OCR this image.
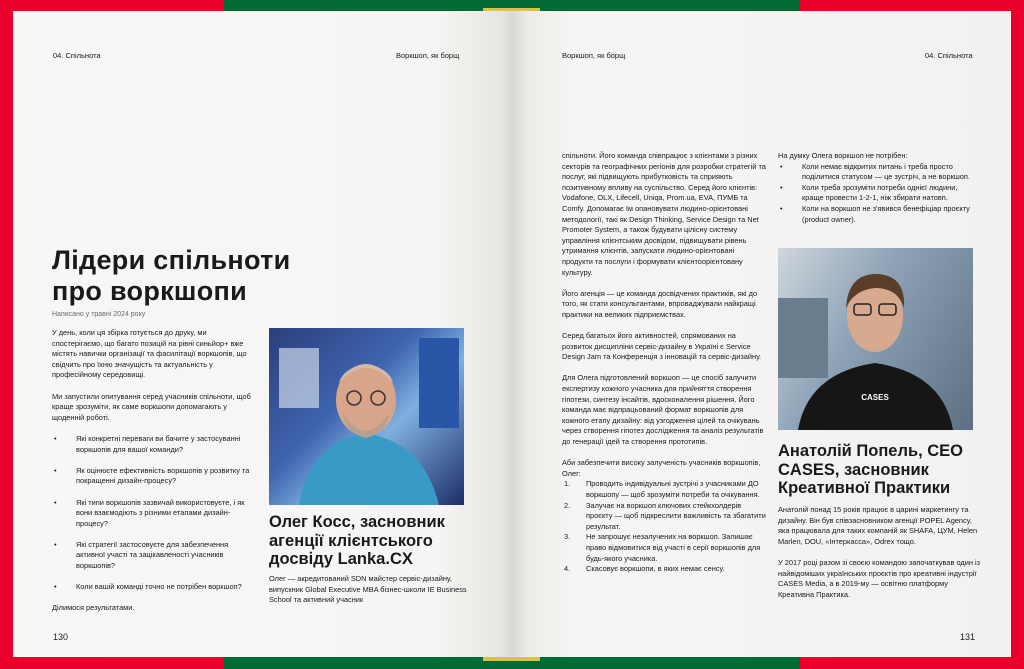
04. Спільнота	Воркшоп, як борщ
Лідери спільноти
про воркшопи
Написано у травні 2024 року

У день, коли ця збірка готується до друку, ми спостерігаємо, що багато позицій на рівні синьйор+ вже містять навички організації та фасилітації воркшопів, що свідчить про їхню значущість та актуальність у професійному середовищі.

Ми запустили опитування серед учасників спільноти, щоб краще зрозуміти, як саме воркшопи допомагають у щоденній роботі.

•	Які конкретні переваги ви бачите у застосуванні воркшопів для вашої команди?
•	Як оцінюєте ефективність воркшопів у розвитку та покращенні дизайн-процесу?
•	Які типи воркшопів зазвичай використовуєте, і як вони взаємодіють з різними етапами дизайн-процесу?
•	Які стратегії застосовуєте для забезпечення активної участі та зацікавленості учасників воркшопів?
•	Коли вашій команді точно не потрібен воркшоп?

Ділимося результатами.

Олег Косс, засновник агенції клієнтського досвіду Lanka.CX
Олег — акредитований SDN майстер сервіс-дизайну, випускник Global Executive MBA бізнес-школи IE Business School та активний учасник
130
Воркшоп, як борщ	04. Спільнота

спільноти. Його команда співпрацює з клієнтами з різних секторів та географічних регіонів для розробки стратегій та послуг, які підвищують прибутковість та сприяють позитивному впливу на суспільство. Серед його клієнтів: Vodafone, OLX, Lifecell, Uniqa, Prom.ua, EVA, ПУМБ та Comfy. Допомагає їм опановувати людино-орієнтовані методології, такі як Design Thinking, Service Design та Net Promoter System, а також будувати цілісну систему управління клієнтським досвідом, підвищувати рівень утримання клієнтів, запускати людино-орієнтовані продукти та послуги і формувати клієнтоорієнтовану культуру.

Його агенція — це команда досвідчених практиків, які до того, як стати консультантами, впроваджували найкращі практики на великих підприємствах.

Серед багатьох його активностей, спрямованих на розвиток дисципліни сервіс-дизайну в Україні є Service Design Jam та Конференція з інновацій та сервіс-дизайну.

Для Олега підготовлений воркшоп — це спосіб залучити експертизу кожного учасника для прийняття створення гіпотези, синтезу інсайтів, вдосконалення рішення. Його команда має відпрацьований формат воркшопів для кожного етапу дизайну: від узгодження цілей та очікувань через створення гіпотез дослідження та аналіз результатів до генерації ідей та створення прототипів.

Аби забезпечити високу залученість учасників воркшопів, Олег:
1. Проводить індивідуальні зустрічі з учасниками ДО воркшопу — щоб зрозуміти потреби та очікування.
2. Залучає на воркшоп ключових стейкхолдерів проєкту — щоб підкреслити важливість та збагатити результат.
3. Не запрошує незалучених на воркшоп. Залишає право відмовитися від участі в серії воркшопів для будь-якого учасника.
4. Скасовує воркшопи, в яких немає сенсу.
На думку Олега воркшоп не потрібен:
•	Коли немає відкритих питань і треба просто поділитися статусом — це зустріч, а не воркшоп.
•	Коли треба зрозуміти потреби однієї людини, краще провести 1-2-1, ніж збирати натовп.
•	Коли на воркшоп не з'явився бенефіціар проєкту (product owner).
CASES
Анатолій Попель, CEO CASES, засновник Креативної Практики

Анатолій понад 15 років працює в царині маркетингу та дизайну. Він був співзасновником агенції POPEL Agency, яка працювала для таких компаній як SHAFA, ЦУМ, Helen Marlen, DOU, «Інтеркасса», Odrex тощо.

У 2017 році разом зі своєю командою започаткував один із найвідоміших українських проєктів про креативні індустрії CASES Media, а в 2019-му — освітню платформу Креативна Практика.

131
